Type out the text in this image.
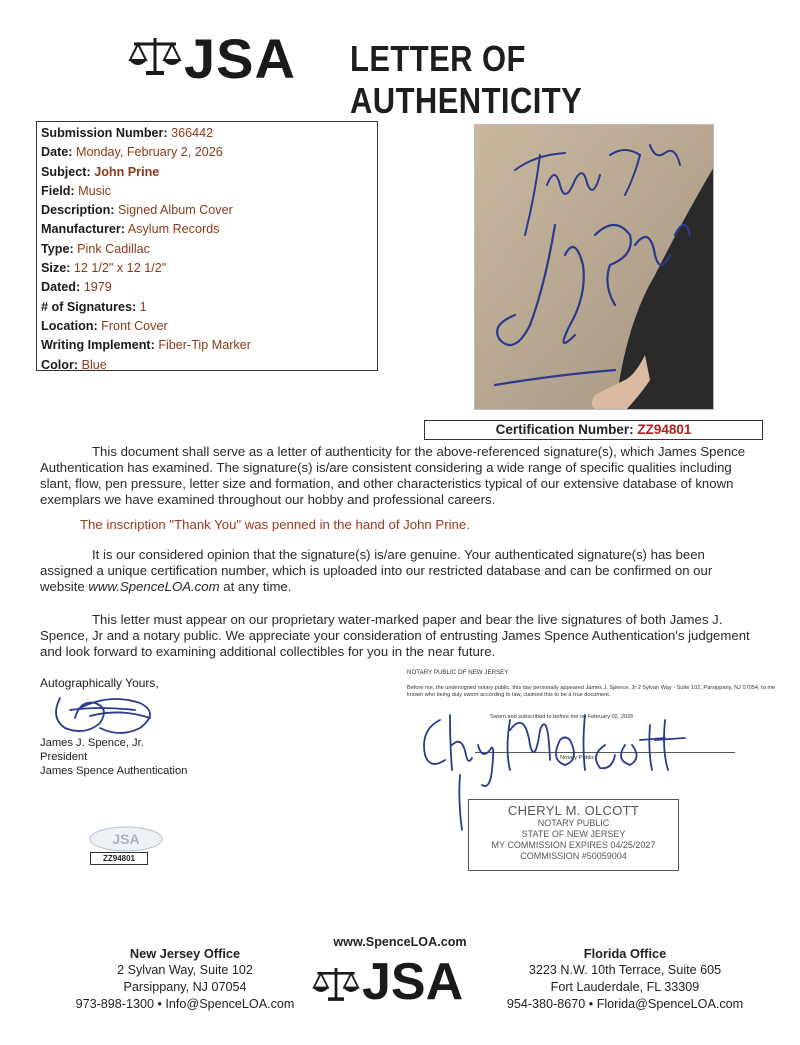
JSA LETTER OF AUTHENTICITY
Submission Number: 366442
Date: Monday, February 2, 2026
Subject: John Prine
Field: Music
Description: Signed Album Cover
Manufacturer: Asylum Records
Type: Pink Cadillac
Size: 12 1/2" x 12 1/2"
Dated: 1979
# of Signatures: 1
Location: Front Cover
Writing Implement: Fiber-Tip Marker
Color: Blue
Certification Number: ZZ94801
This document shall serve as a letter of authenticity for the above-referenced signature(s), which James Spence Authentication has examined. The signature(s) is/are consistent considering a wide range of specific qualities including slant, flow, pen pressure, letter size and formation, and other characteristics typical of our extensive database of known exemplars we have examined throughout our hobby and professional careers.
The inscription "Thank You" was penned in the hand of John Prine.
It is our considered opinion that the signature(s) is/are genuine. Your authenticated signature(s) has been assigned a unique certification number, which is uploaded into our restricted database and can be confirmed on our website www.SpenceLOA.com at any time.
This letter must appear on our proprietary water-marked paper and bear the live signatures of both James J. Spence, Jr and a notary public. We appreciate your consideration of entrusting James Spence Authentication's judgement and look forward to examining additional collectibles for you in the near future.
Autographically Yours,
James J. Spence, Jr.
President
James Spence Authentication
NOTARY PUBLIC OF NEW JERSEY
Before me, the undersigned notary public, this day personally appeared James J. Spence, Jr 2 Sylvan Way - Suite 102, Parsippany, NJ 07054, to me known who being duly sworn according to law, claimed this to be a true document.
Sworn and subscribed to before me on February 02, 2026
Notary Public
CHERYL M. OLCOTT
NOTARY PUBLIC
STATE OF NEW JERSEY
MY COMMISSION EXPIRES 04/25/2027
COMMISSION #50059004
JSA
ZZ94801
New Jersey Office
2 Sylvan Way, Suite 102
Parsippany, NJ 07054
973-898-1300 • Info@SpenceLOA.com
www.SpenceLOA.com
JSA	Florida Office
3223 N.W. 10th Terrace, Suite 605
Fort Lauderdale, FL 33309
954-380-8670 • Florida@SpenceLOA.com
